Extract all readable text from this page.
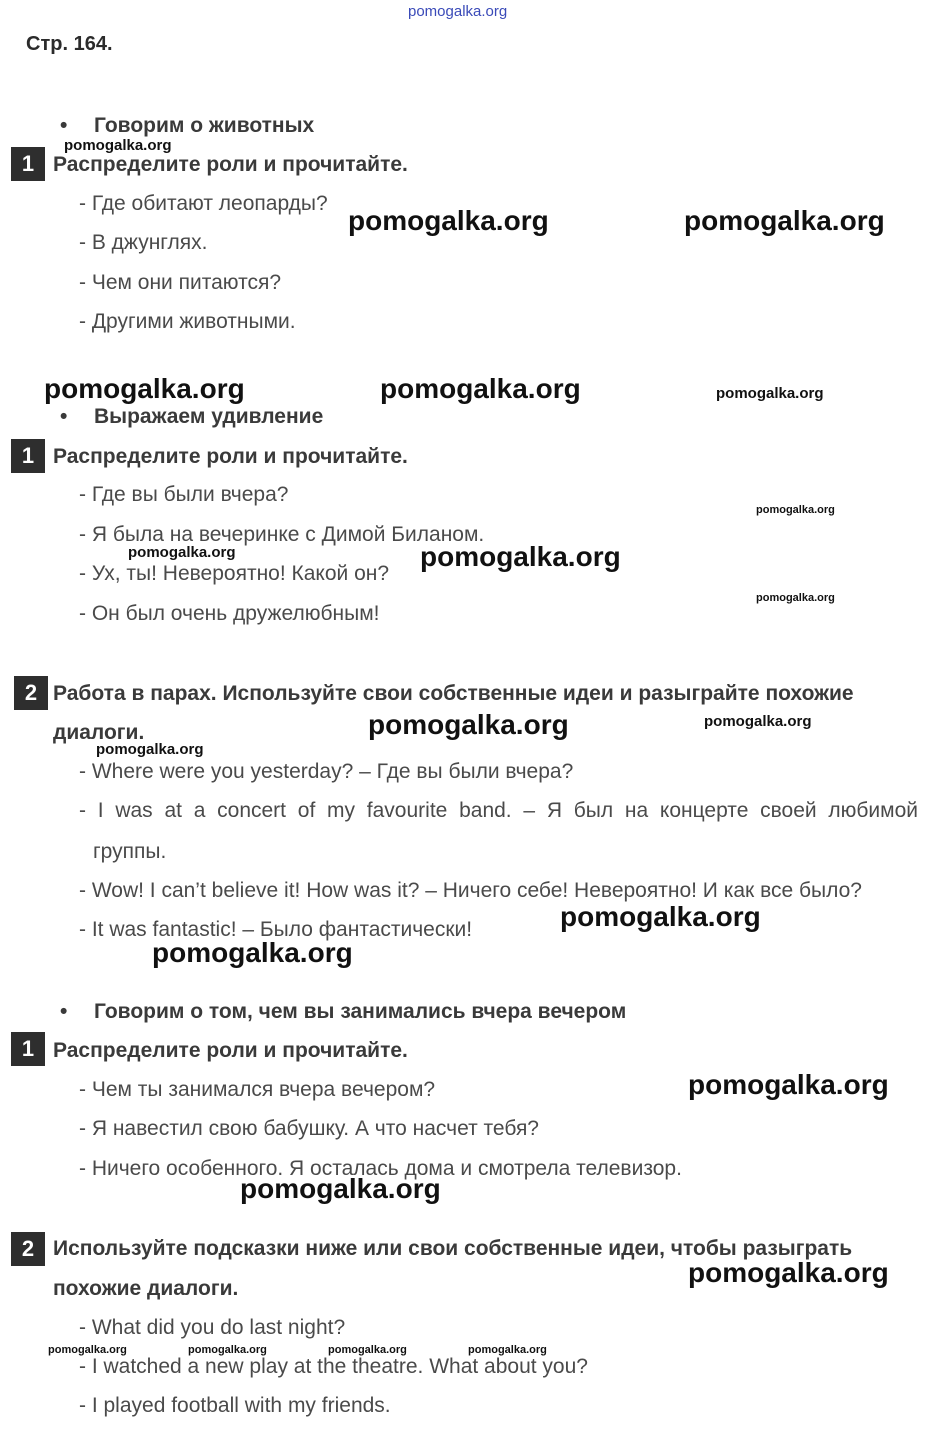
Стр. 164.
• Говорим о животных
1 Распределите роли и прочитайте.
- Где обитают леопарды?
- В джунглях.
- Чем они питаются?
- Другими животными.
• Выражаем удивление
1 Распределите роли и прочитайте.
- Где вы были вчера?
- Я была на вечеринке с Димой Биланом.
- Ух, ты! Невероятно! Какой он?
- Он был очень дружелюбным!
2 Работа в парах. Используйте свои собственные идеи и разыграйте похожие
диалоги.
- Where were you yesterday? – Где вы были вчера?
- I was at a concert of my favourite band. – Я был на концерте своей любимой
группы.
- Wow! I can’t believe it! How was it? – Ничего себе! Невероятно! И как все было?
- It was fantastic! – Было фантастически!
• Говорим о том, чем вы занимались вчера вечером
1 Распределите роли и прочитайте.
- Чем ты занимался вчера вечером?
- Я навестил свою бабушку. А что насчет тебя?
- Ничего особенного. Я осталась дома и смотрела телевизор.
2 Используйте подсказки ниже или свои собственные идеи, чтобы разыграть
похожие диалоги.
- What did you do last night?
- I watched a new play at the theatre. What about you?
- I played football with my friends.
pomogalka.org
pomogalka.org
pomogalka.org	pomogalka.org
pomogalka.org	pomogalka.org	pomogalka.org
pomogalka.org
pomogalka.org	pomogalka.org
pomogalka.org
pomogalka.org	pomogalka.org
pomogalka.org
pomogalka.org
pomogalka.org
pomogalka.org
pomogalka.org
pomogalka.org
pomogalka.org	pomogalka.org	pomogalka.org	pomogalka.org
